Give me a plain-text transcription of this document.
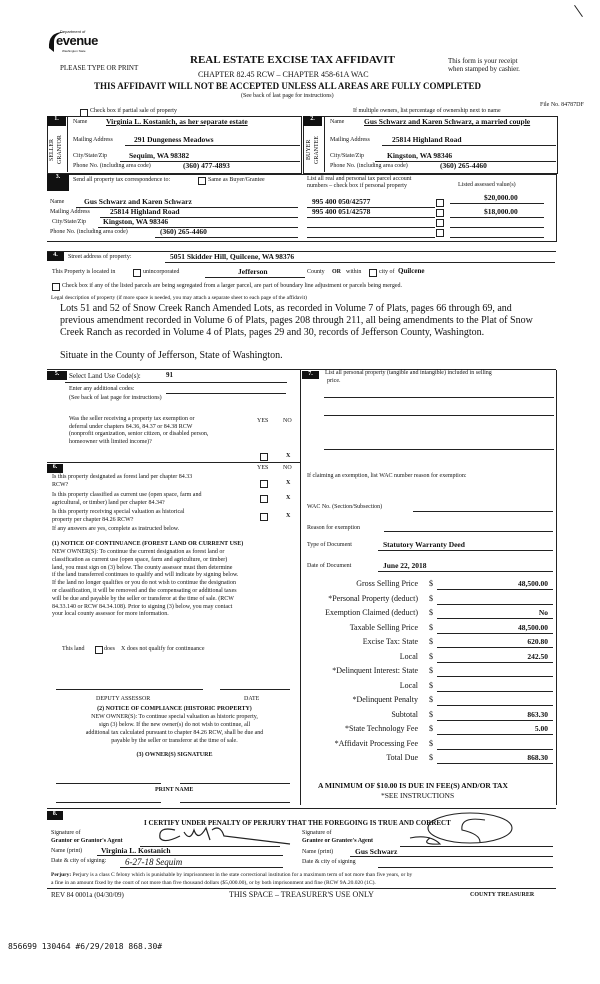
Department of
evenue
Washington State
PLEASE TYPE OR PRINT
REAL ESTATE EXCISE TAX AFFIDAVIT
CHAPTER 82.45 RCW – CHAPTER 458-61A WAC
This form is your receipt
when stamped by cashier.
THIS AFFIDAVIT WILL NOT BE ACCEPTED UNLESS ALL AREAS ARE FULLY COMPLETED
(See back of last page for instructions)
File No. 84787DF
Check box if partial sale of property	If multiple owners, list percentage of ownership next to name
1.
SELLER GRANTOR
Name Virginia L. Kostanich, as her separate estate
Mailing Address	291 Dungeness Meadows
City/State/Zip	Sequim, WA 98382
Phone No. (including area code)	(360) 477-4893
2.
BUYER GRANTEE
Name	Gus Schwarz and Karen Schwarz, a married couple
Mailing Address	25814 Highland Road
City/State/Zip	Kingston, WA 98346
Phone No. (including area code)	(360) 265-4460
3.	Send all property tax correspondence to:	Same as Buyer/Grantee
Name	Gus Schwarz and Karen Schwarz
Mailing Address	25814 Highland Road
City/State/Zip Kingston, WA 98346
Phone No. (including area code)	(360) 265-4460
List all real and personal tax parcel account
numbers – check box if personal property	Listed assessed value(s)
995 400 050/42577	$20,000.00
995 400 051/42578	$18,000.00
4.	Street address of property:	5051 Skidder Hill, Quilcene, WA 98376
This Property is located in	unincorporated	Jefferson	County OR within	city of Quilcene
Check box if any of the listed parcels are being segregated from a larger parcel, are part of boundary line adjustment or parcels being merged.
Legal description of property (if more space is needed, you may attach a separate sheet to each page of the affidavit)
Lots 51 and 52 of Snow Creek Ranch Amended Lots, as recorded in Volume 7 of Plats, pages 66 through 69, and
previous amendment recorded in Volume 6 of Plats, pages 208 through 211, all being amendments to the Plat of Snow
Creek Ranch as recorded in Volume 4 of Plats, pages 29 and 30, records of Jefferson County, Washington.
Situate in the County of Jefferson, State of Washington.
5.	Select Land Use Code(s):	91
Enter any additional codes:
(See back of last page for instructions)
Was the seller receiving a property tax exemption or
deferral under chapters 84.36, 84.37 or 84.38 RCW
(nonprofit organization, senior citizen, or disabled person,
homeowner with limited income)?
YES NO
X
6.	YES NO
Is this property designated as forest land per chapter 84.33
RCW?	X
Is this property classified as current use (open space, farm and
agricultural, or timber) land per chapter 84.34?
X
Is this property receiving special valuation as historical
property per chapter 84.26 RCW?
X
If any answers are yes, complete as instructed below.
(1) NOTICE OF CONTINUANCE (FOREST LAND OR CURRENT USE)
NEW OWNER(S): To continue the current designation as forest land or
classification as current use (open space, farm and agriculture, or timber)
land, you must sign on (3) below. The county assessor must then determine
if the land transferred continues to qualify and will indicate by signing below.
If the land no longer qualifies or you do not wish to continue the designation
or classification, it will be removed and the compensating or additional taxes
will be due and payable by the seller or transferor at the time of sale. (RCW
84.33.140 or RCW 84.34.108). Prior to signing (3) below, you may contact
your local county assessor for more information.
This land	does X does not qualify for continuance
DEPUTY ASSESSOR	DATE
(2) NOTICE OF COMPLIANCE (HISTORIC PROPERTY)
NEW OWNER(S): To continue special valuation as historic property,
sign (3) below. If the new owner(s) do not wish to continue, all
additional tax calculated pursuant to chapter 84.26 RCW, shall be due and
payable by the seller or transferor at the time of sale.
(3) OWNER(S) SIGNATURE
PRINT NAME
7.	List all personal property (tangible and intangible) included in selling
price.
If claiming an exemption, list WAC number reason for exemption:
WAC No. (Section/Subsection)
Reason for exemption
Type of Document	Statutory Warranty Deed
Date of Document	June 22, 2018
Gross Selling Price $	48,500.00
*Personal Property (deduct) $
Exemption Claimed (deduct) $	No
Taxable Selling Price $	48,500.00
Excise Tax: State $	620.80
Local $	242.50
*Delinquent Interest: State $
Local $
*Delinquent Penalty $
Subtotal $	863.30
*State Technology Fee $	5.00
*Affidavit Processing Fee $
Total Due $	868.30
A MINIMUM OF $10.00 IS DUE IN FEE(S) AND/OR TAX
*SEE INSTRUCTIONS
8.
I CERTIFY UNDER PENALTY OF PERJURY THAT THE FOREGOING IS TRUE AND CORRECT
Signature of
Grantor or Grantor's Agent
Name (print)	Virginia L. Kostanich
Date & city of signing: 6-27-18 Sequim
Signature of
Grantee or Grantee's Agent
Name (print)	Gus Schwarz
Date & city of signing
Perjury: Perjury is a class C felony which is punishable by imprisonment in the state correctional institution for a maximum term of not more than five years, or by
a fine in an amount fixed by the court of not more than five thousand dollars ($5,000.00), or by both imprisonment and fine (RCW 9A.20.020 (1C).
REV 84 0001a (04/30/09)	THIS SPACE – TREASURER'S USE ONLY	COUNTY TREASURER
856699 130464 #6/29/2018 868.30#
